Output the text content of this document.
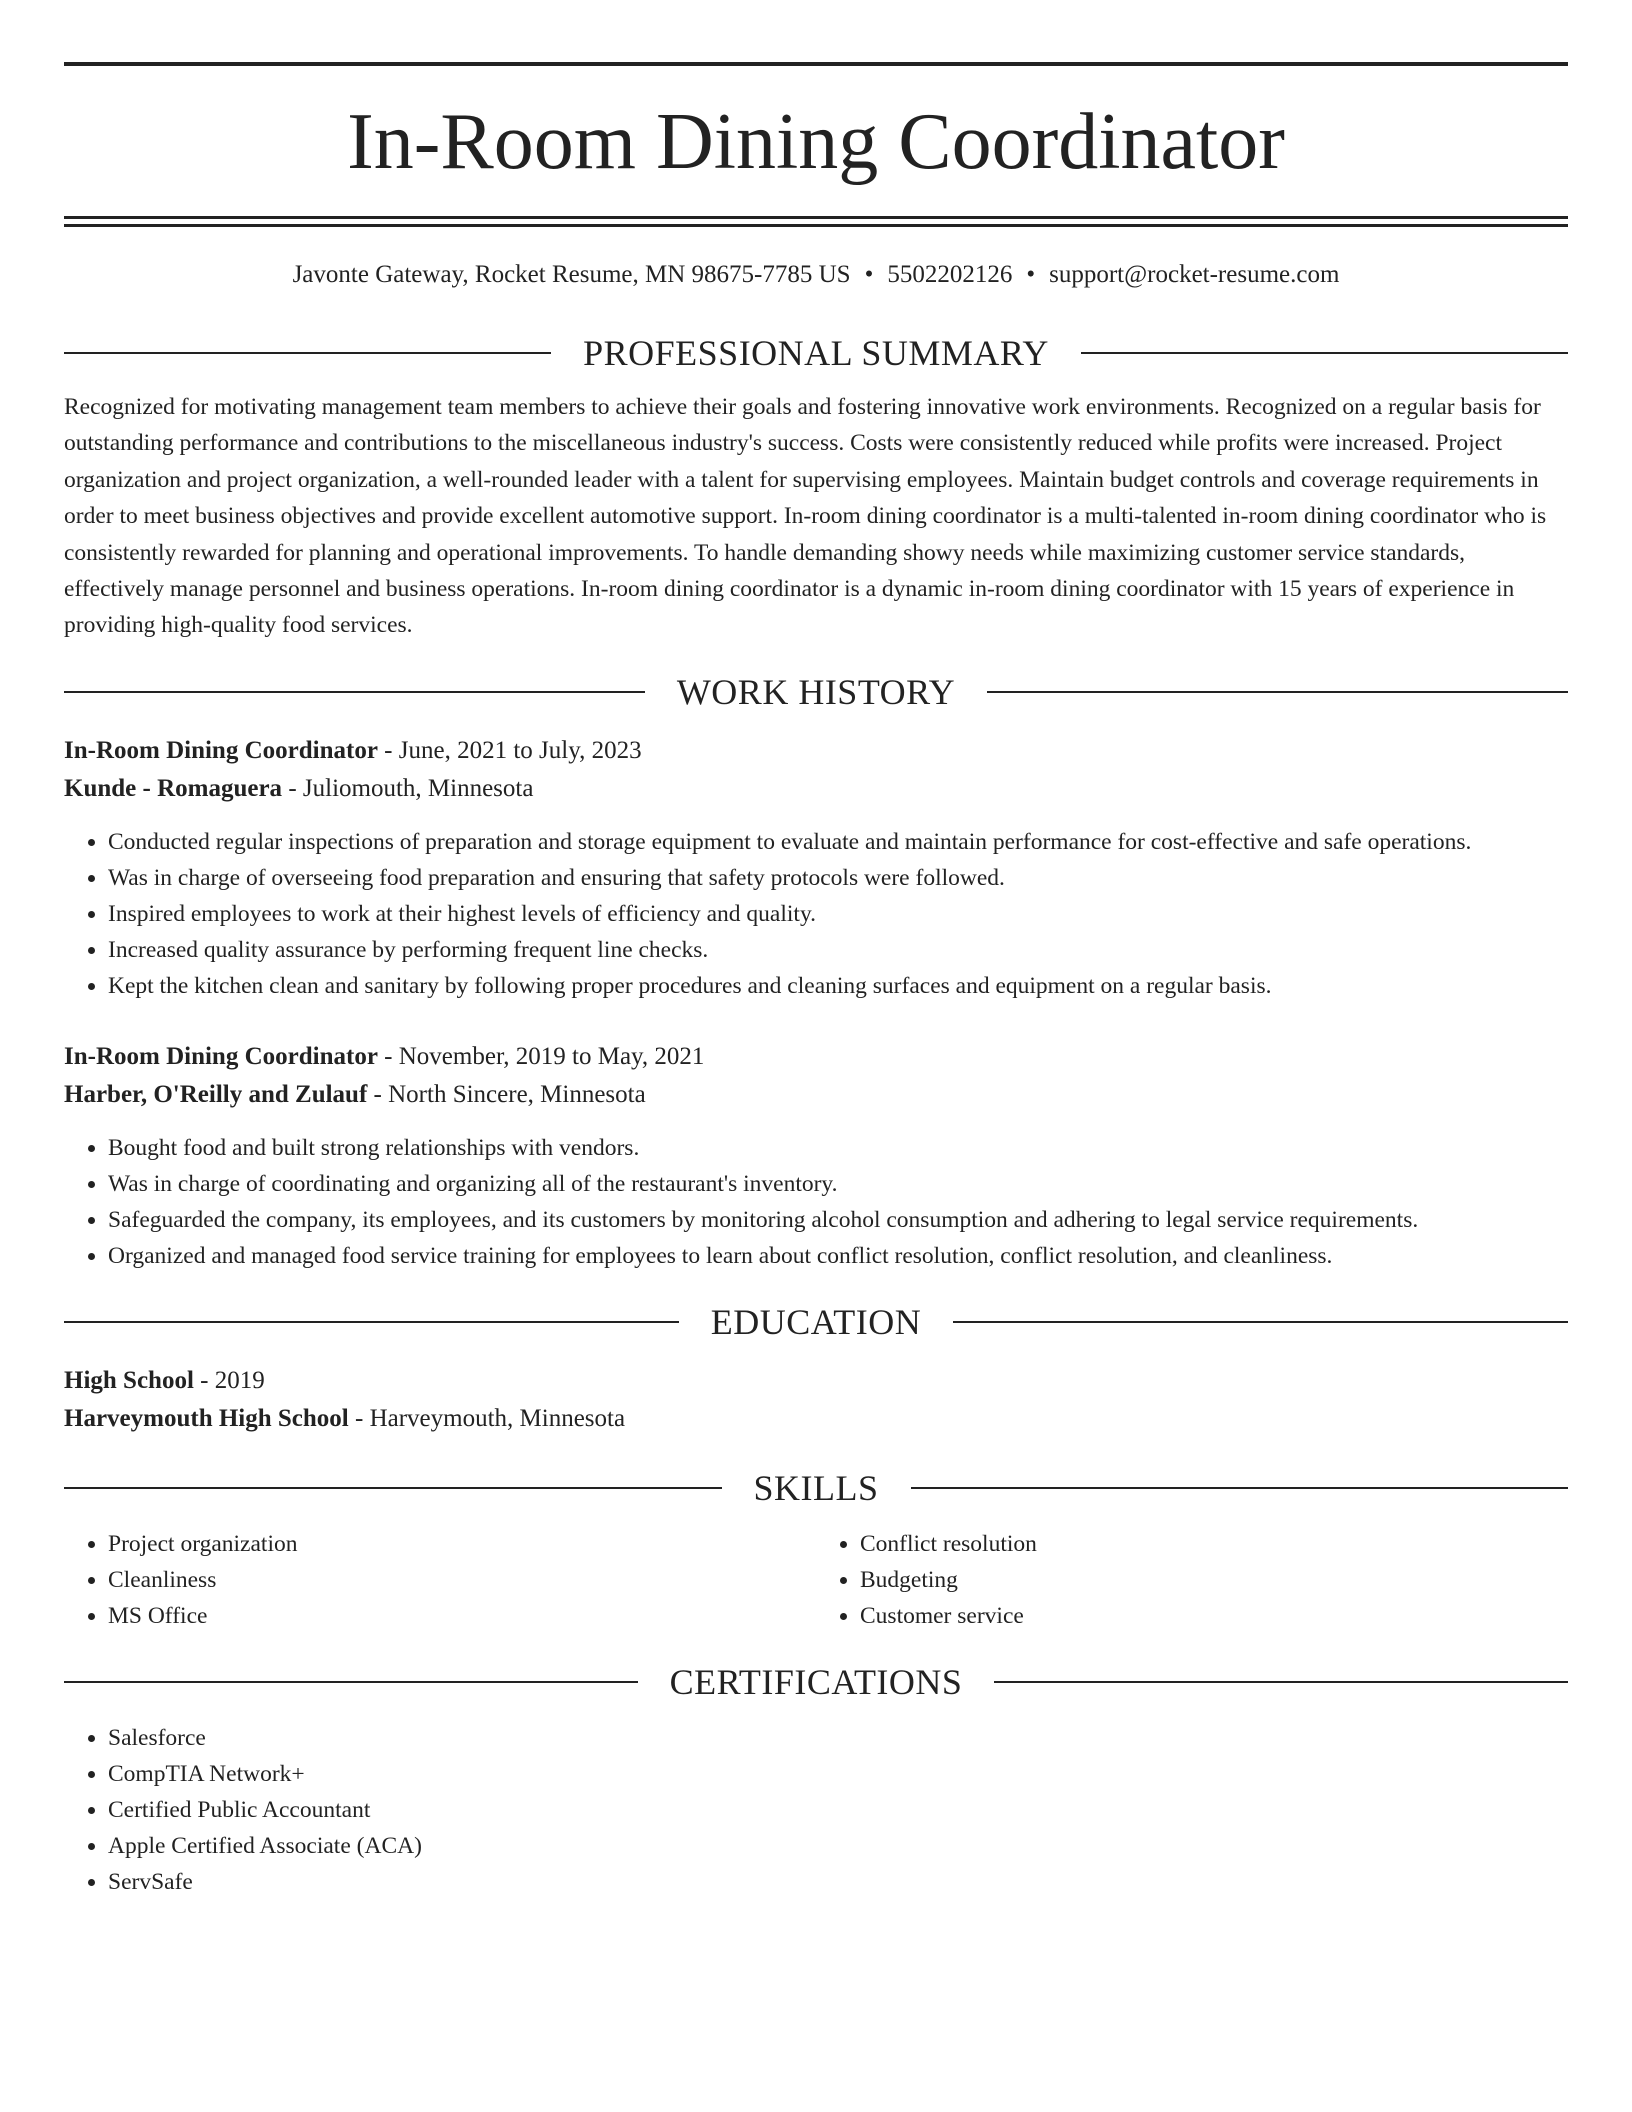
In-Room Dining Coordinator
Javonte Gateway, Rocket Resume, MN 98675-7785 US • 5502202126 • support@rocket-resume.com
PROFESSIONAL SUMMARY
Recognized for motivating management team members to achieve their goals and fostering innovative work environments. Recognized on a regular basis for outstanding performance and contributions to the miscellaneous industry's success. Costs were consistently reduced while profits were increased. Project organization and project organization, a well-rounded leader with a talent for supervising employees. Maintain budget controls and coverage requirements in order to meet business objectives and provide excellent automotive support. In-room dining coordinator is a multi-talented in-room dining coordinator who is consistently rewarded for planning and operational improvements. To handle demanding showy needs while maximizing customer service standards, effectively manage personnel and business operations. In-room dining coordinator is a dynamic in-room dining coordinator with 15 years of experience in providing high-quality food services.
WORK HISTORY
In-Room Dining Coordinator - June, 2021 to July, 2023
Kunde - Romaguera - Juliomouth, Minnesota
• Conducted regular inspections of preparation and storage equipment to evaluate and maintain performance for cost-effective and safe operations.
• Was in charge of overseeing food preparation and ensuring that safety protocols were followed.
• Inspired employees to work at their highest levels of efficiency and quality.
• Increased quality assurance by performing frequent line checks.
• Kept the kitchen clean and sanitary by following proper procedures and cleaning surfaces and equipment on a regular basis.
In-Room Dining Coordinator - November, 2019 to May, 2021
Harber, O'Reilly and Zulauf - North Sincere, Minnesota
• Bought food and built strong relationships with vendors.
• Was in charge of coordinating and organizing all of the restaurant's inventory.
• Safeguarded the company, its employees, and its customers by monitoring alcohol consumption and adhering to legal service requirements.
• Organized and managed food service training for employees to learn about conflict resolution, conflict resolution, and cleanliness.
EDUCATION
High School - 2019
Harveymouth High School - Harveymouth, Minnesota
SKILLS
• Project organization
• Cleanliness
• MS Office
• Conflict resolution
• Budgeting
• Customer service
CERTIFICATIONS
• Salesforce
• CompTIA Network+
• Certified Public Accountant
• Apple Certified Associate (ACA)
• ServSafe
